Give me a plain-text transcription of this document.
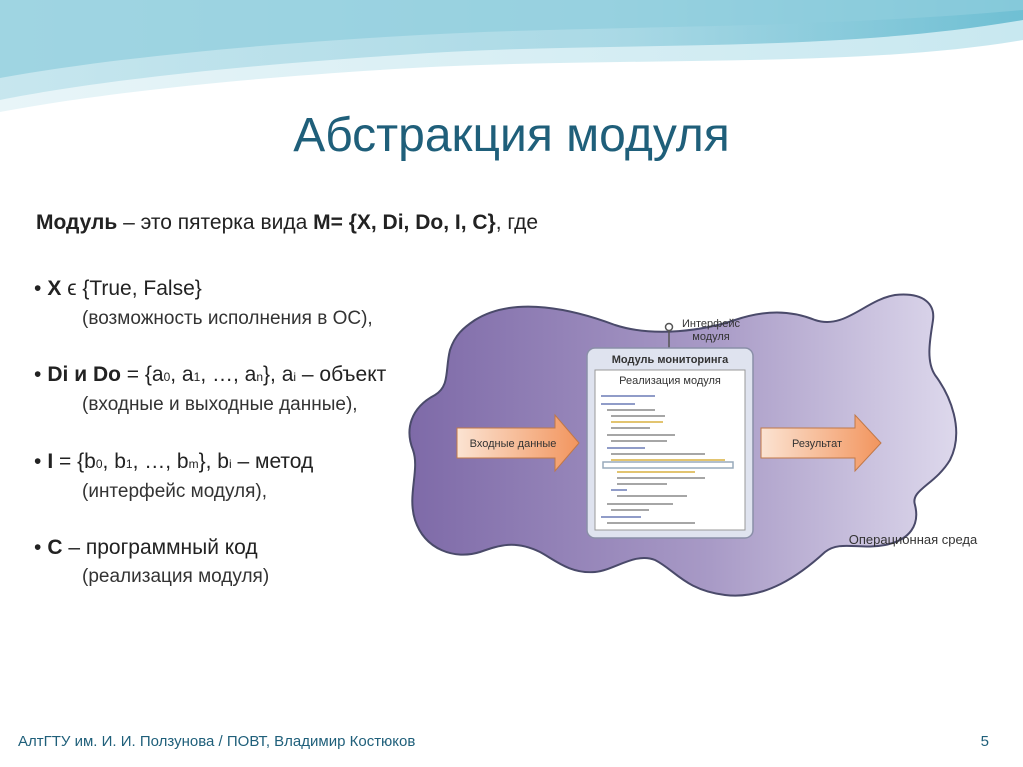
Абстракция модуля
Модуль – это пятерка вида M= {X, Di, Do, I, C}, где
• X ϵ {True, False}
(возможность исполнения в ОС),
• Di и Do = {a0, a1, …, an}, ai – объект
(входные и выходные данные),
• I = {b0, b1, …, bm}, bi – метод
(интерфейс модуля),
• C – программный код
(реализация модуля)
Интерфейс
модуля
Модуль мониторинга
Реализация модуля
Входные данные	Результат
Операционная среда
АлтГТУ им. И. И. Ползунова / ПОВТ, Владимир Костюков	5
